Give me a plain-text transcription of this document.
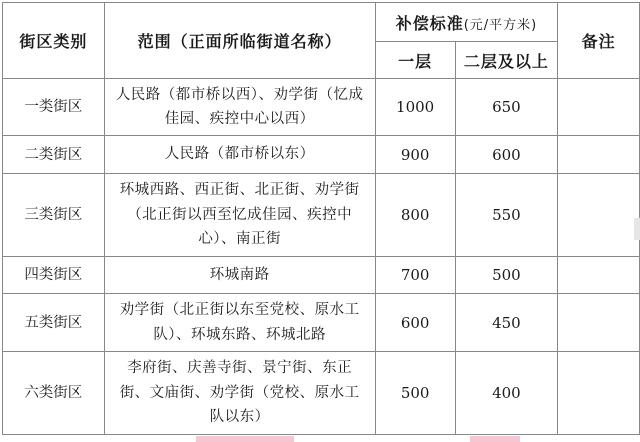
街区类别	范围（正面所临街道名称）	补偿标准(元/平方米)		备注
		一层	二层及以上	
一类街区	人民路（都市桥以西）、劝学街（忆成佳园、疾控中心以西）	1000	650	
二类街区	人民路（都市桥以东）	900	600	
三类街区	环城西路、西正街、北正街、劝学街（北正街以西至忆成佳园、疾控中心）、南正街	800	550	
四类街区	环城南路	700	500	
五类街区	劝学街（北正街以东至党校、原水工队）、环城东路、环城北路	600	450	
六类街区	李府街、庆善寺街、景宁街、东正街、文庙街、劝学街（党校、原水工队以东）	500	400	
